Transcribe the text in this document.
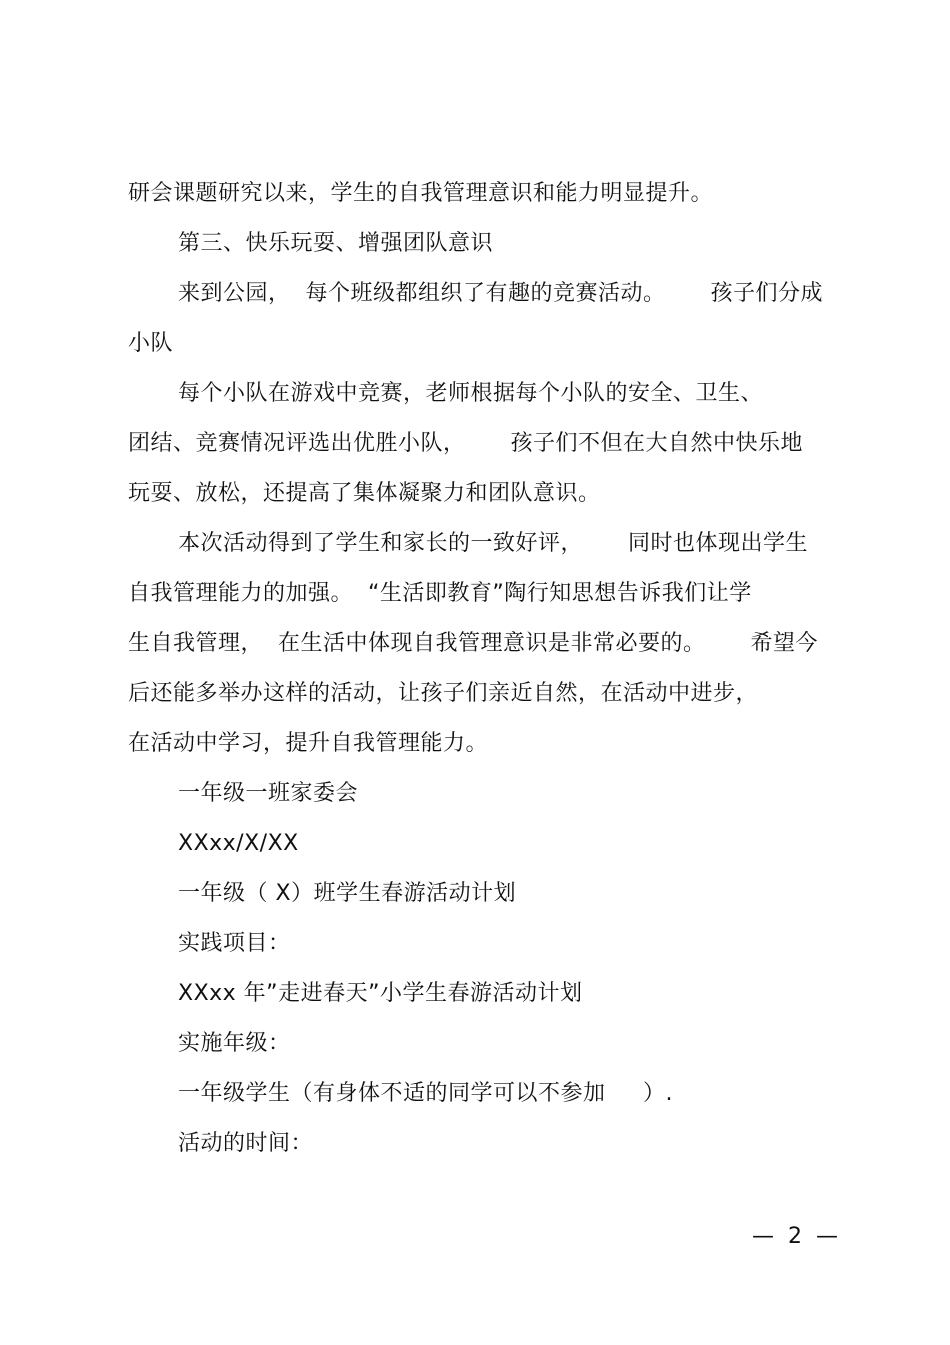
研会课题研究以来，学生的自我管理意识和能力明显提升。
第三、快乐玩耍、增强团队意识
来到公园，  每个班级都组织了有趣的竞赛活动。      孩子们分成
小队
每个小队在游戏中竞赛，老师根据每个小队的安全、卫生、
团结、竞赛情况评选出优胜小队，      孩子们不但在大自然中快乐地
玩耍、放松，还提高了集体凝聚力和团队意识。
本次活动得到了学生和家长的一致好评，      同时也体现出学生
自我管理能力的加强。  “生活即教育”陶行知思想告诉我们让学
生自我管理，  在生活中体现自我管理意识是非常必要的。      希望今
后还能多举办这样的活动，让孩子们亲近自然，在活动中进步，
在活动中学习，提升自我管理能力。
一年级一班家委会
XXxx/X/XX
一年级（ X）班学生春游活动计划
实践项目：
XXxx 年”走进春天”小学生春游活动计划
实施年级：
一年级学生（有身体不适的同学可以不参加     ）.
活动的时间：
—  2  —
